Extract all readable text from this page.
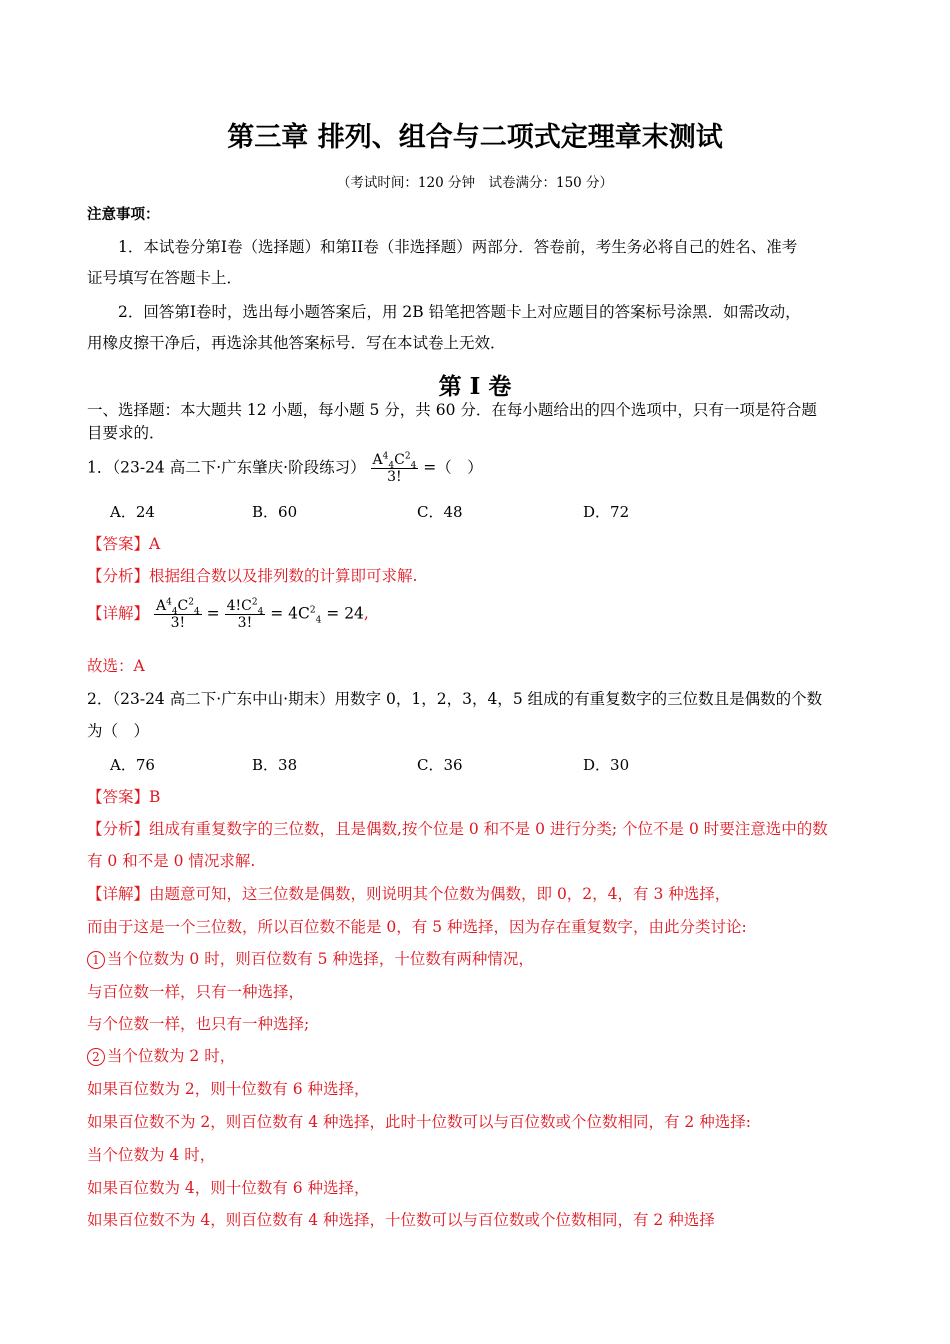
第三章 排列、组合与二项式定理章末测试
（考试时间：120 分钟　试卷满分：150 分）
注意事项：
1．本试卷分第I卷（选择题）和第II卷（非选择题）两部分．答卷前，考生务必将自己的姓名、准考
证号填写在答题卡上．
2．回答第I卷时，选出每小题答案后，用 2B 铅笔把答题卡上对应题目的答案标号涂黑．如需改动，
用橡皮擦干净后，再选涂其他答案标号．写在本试卷上无效．
第 I 卷
一、选择题：本大题共 12 小题，每小题 5 分，共 60 分．在每小题给出的四个选项中，只有一项是符合题
目要求的．
1．（23-24 高二下·广东肇庆·阶段练习） $\frac{A^4_4C^2_4}{3!}$ =（　）
A．24	B．60	C．48	D．72
【答案】A
【分析】根据组合数以及排列数的计算即可求解.
【详解】 $\frac{A^4_4C^2_4}{3!} = \frac{4!C^2_4}{3!} = 4C^2_4 = 24$,
故选：A
2．（23-24 高二下·广东中山·期末）用数字 0，1，2，3，4，5 组成的有重复数字的三位数且是偶数的个数
为（　）
A．76	B．38	C．36	D．30
【答案】B
【分析】组成有重复数字的三位数，且是偶数,按个位是 0 和不是 0 进行分类; 个位不是 0 时要注意选中的数
有 0 和不是 0 情况求解.
【详解】由题意可知，这三位数是偶数，则说明其个位数为偶数，即 0，2，4，有 3 种选择，
而由于这是一个三位数，所以百位数不能是 0，有 5 种选择，因为存在重复数字，由此分类讨论:
1 当个位数为 0 时，则百位数有 5 种选择，十位数有两种情况，
与百位数一样，只有一种选择，
与个位数一样，也只有一种选择;
2 当个位数为 2 时，
如果百位数为 2，则十位数有 6 种选择，
如果百位数不为 2，则百位数有 4 种选择，此时十位数可以与百位数或个位数相同，有 2 种选择:
当个位数为 4 时，
如果百位数为 4，则十位数有 6 种选择，
如果百位数不为 4，则百位数有 4 种选择，十位数可以与百位数或个位数相同，有 2 种选择
